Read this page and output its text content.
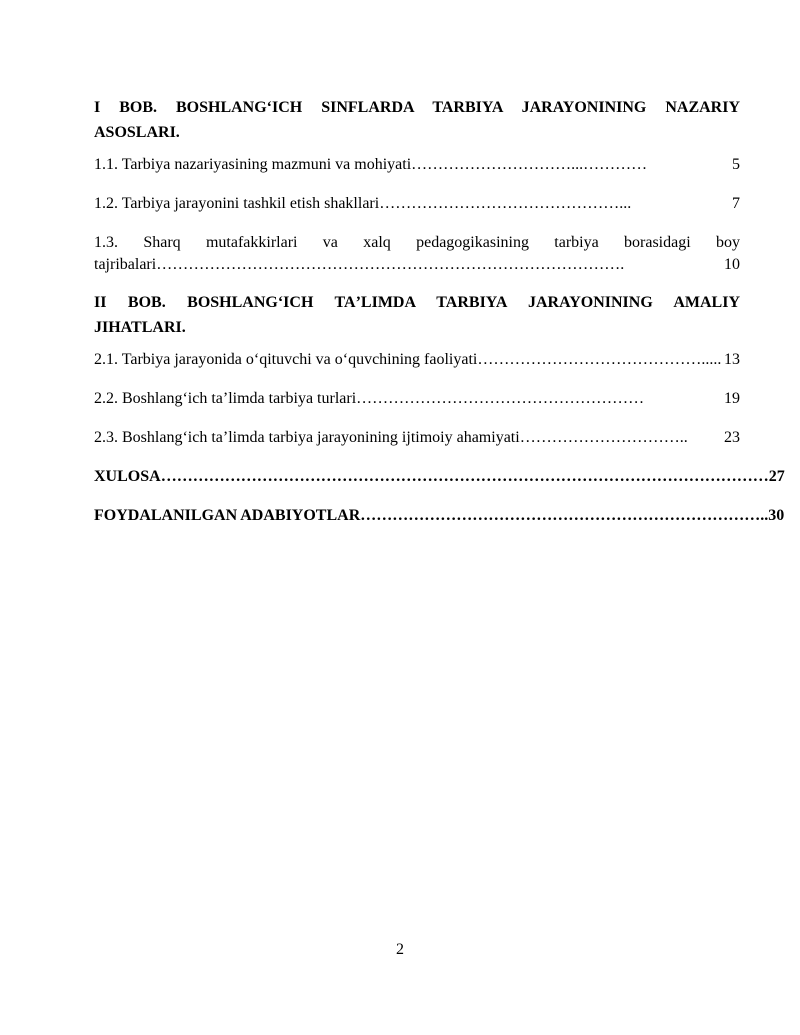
I BOB. BOSHLANGʻICH SINFLARDA TARBIYA JARAYONINING NAZARIY
ASOSLARI.

1.1. Tarbiya nazariyasining mazmuni va mohiyati …………………………...…………	5
1.2. Tarbiya jarayonini tashkil etish shakllari ………………………………………...	7
1.3.  Sharq  mutafakkirlari  va  xalq  pedagogikasining  tarbiya  borasidagi  boy
tajribalari …………………………………………………………………………….	10

II BOB. BOSHLANGʻICH TAʼLIMDA TARBIYA JARAYONINING AMALIY
JIHATLARI.

2.1. Tarbiya jarayonida oʻqituvchi va oʻquvchining faoliyati ……………………………………..... 13
2.2. Boshlangʻich ta’limda tarbiya turlari ………………………………………………	19
2.3. Boshlangʻich ta’limda tarbiya jarayonining ijtimoiy ahamiyati …………………………..	23
XULOSA …………………………………………………………………………………………………… 27
FOYDALANILGAN ADABIYOTLAR ………………………………………………………………….. 30
2
